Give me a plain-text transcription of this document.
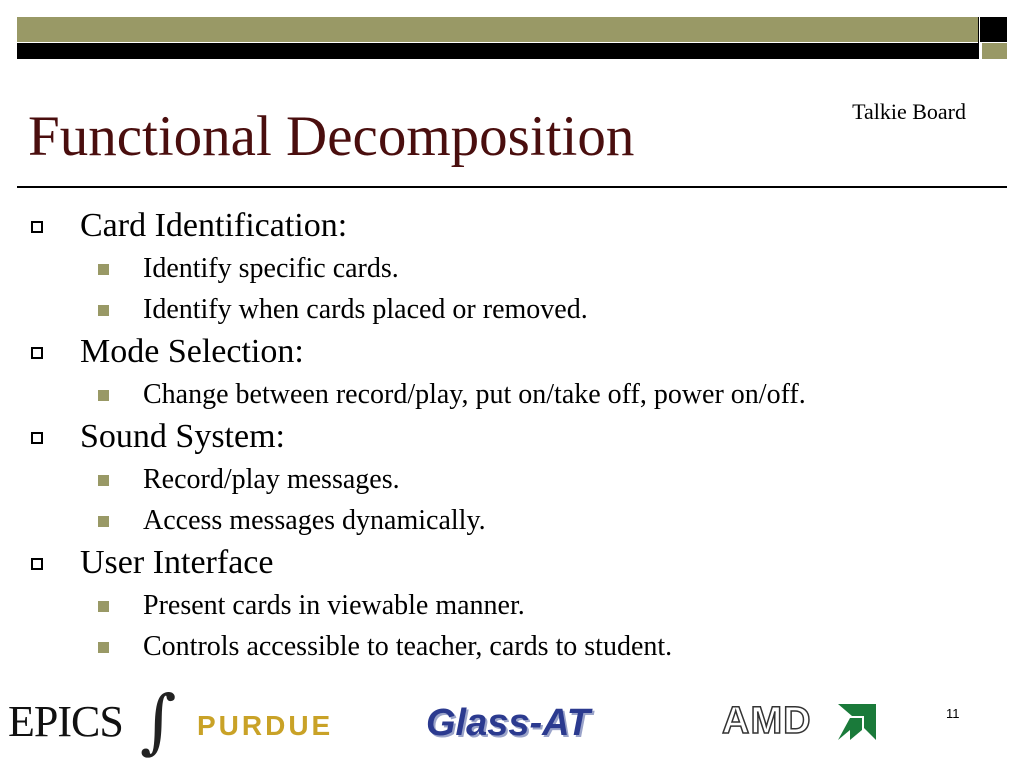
Talkie Board
Functional Decomposition
Card Identification:
Identify specific cards.
Identify when cards placed or removed.
Mode Selection:
Change between record/play, put on/take off, power on/off.
Sound System:
Record/play messages.
Access messages dynamically.
User Interface
Present cards in viewable manner.
Controls accessible to teacher, cards to student.
EPICS ∫ PURDUE Glass-AT	AMD	11
